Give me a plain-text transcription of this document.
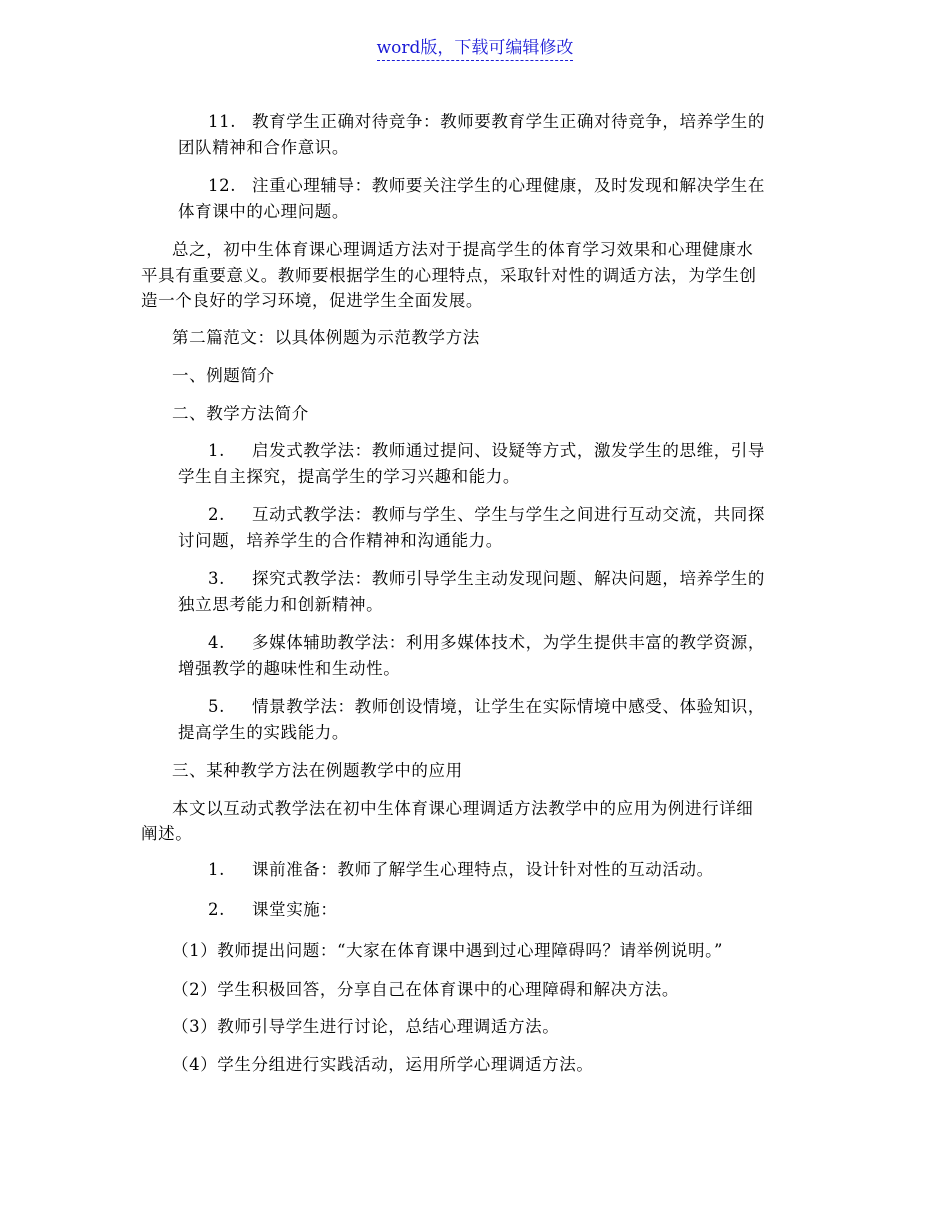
word版，下载可编辑修改
11. 教育学生正确对待竞争：教师要教育学生正确对待竞争，培养学生的
团队精神和合作意识。
12. 注重心理辅导：教师要关注学生的心理健康，及时发现和解决学生在
体育课中的心理问题。
总之，初中生体育课心理调适方法对于提高学生的体育学习效果和心理健康水
平具有重要意义。教师要根据学生的心理特点，采取针对性的调适方法，为学生创
造一个良好的学习环境，促进学生全面发展。
第二篇范文：以具体例题为示范教学方法
一、例题简介
二、教学方法简介
1. 启发式教学法：教师通过提问、设疑等方式，激发学生的思维，引导
学生自主探究，提高学生的学习兴趣和能力。
2. 互动式教学法：教师与学生、学生与学生之间进行互动交流，共同探
讨问题，培养学生的合作精神和沟通能力。
3. 探究式教学法：教师引导学生主动发现问题、解决问题，培养学生的
独立思考能力和创新精神。
4. 多媒体辅助教学法：利用多媒体技术，为学生提供丰富的教学资源，
增强教学的趣味性和生动性。
5. 情景教学法：教师创设情境，让学生在实际情境中感受、体验知识，
提高学生的实践能力。
三、某种教学方法在例题教学中的应用
本文以互动式教学法在初中生体育课心理调适方法教学中的应用为例进行详细
阐述。
1. 课前准备：教师了解学生心理特点，设计针对性的互动活动。
2. 课堂实施：
（1）教师提出问题：“大家在体育课中遇到过心理障碍吗？请举例说明。”
（2）学生积极回答，分享自己在体育课中的心理障碍和解决方法。
（3）教师引导学生进行讨论，总结心理调适方法。
（4）学生分组进行实践活动，运用所学心理调适方法。
